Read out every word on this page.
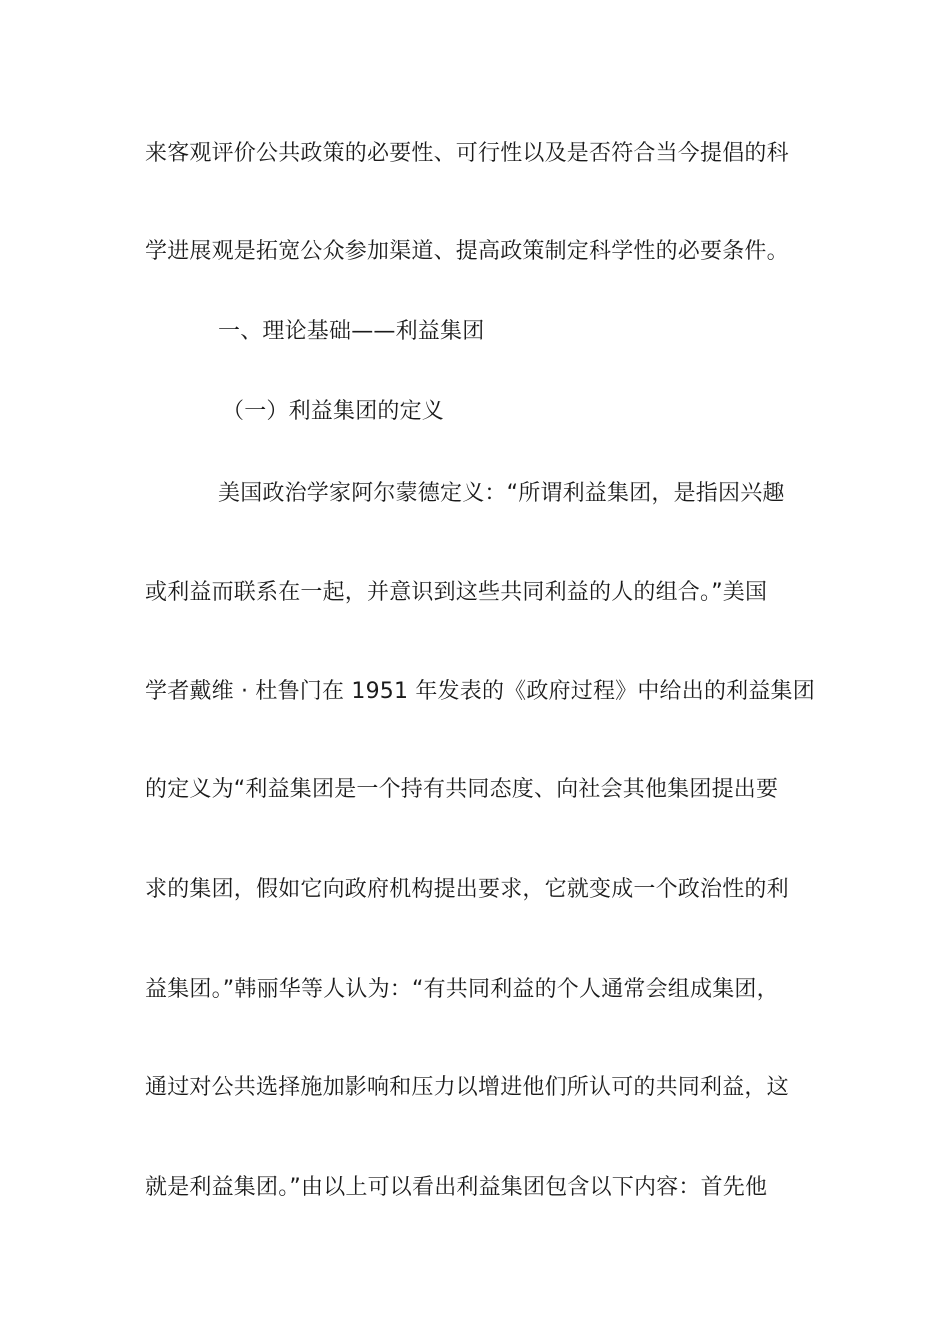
来客观评价公共政策的必要性、可行性以及是否符合当今提倡的科
学进展观是拓宽公众参加渠道、提高政策制定科学性的必要条件。
一、理论基础——利益集团
（一）利益集团的定义
美国政治学家阿尔蒙德定义：“所谓利益集团，是指因兴趣
或利益而联系在一起，并意识到这些共同利益的人的组合。”美国
学者戴维 · 杜鲁门在 1951 年发表的《政府过程》中给出的利益集团
的定义为“利益集团是一个持有共同态度、向社会其他集团提出要
求的集团，假如它向政府机构提出要求，它就变成一个政治性的利
益集团。”韩丽华等人认为：“有共同利益的个人通常会组成集团，
通过对公共选择施加影响和压力以增进他们所认可的共同利益，这
就是利益集团。”由以上可以看出利益集团包含以下内容：首先他
